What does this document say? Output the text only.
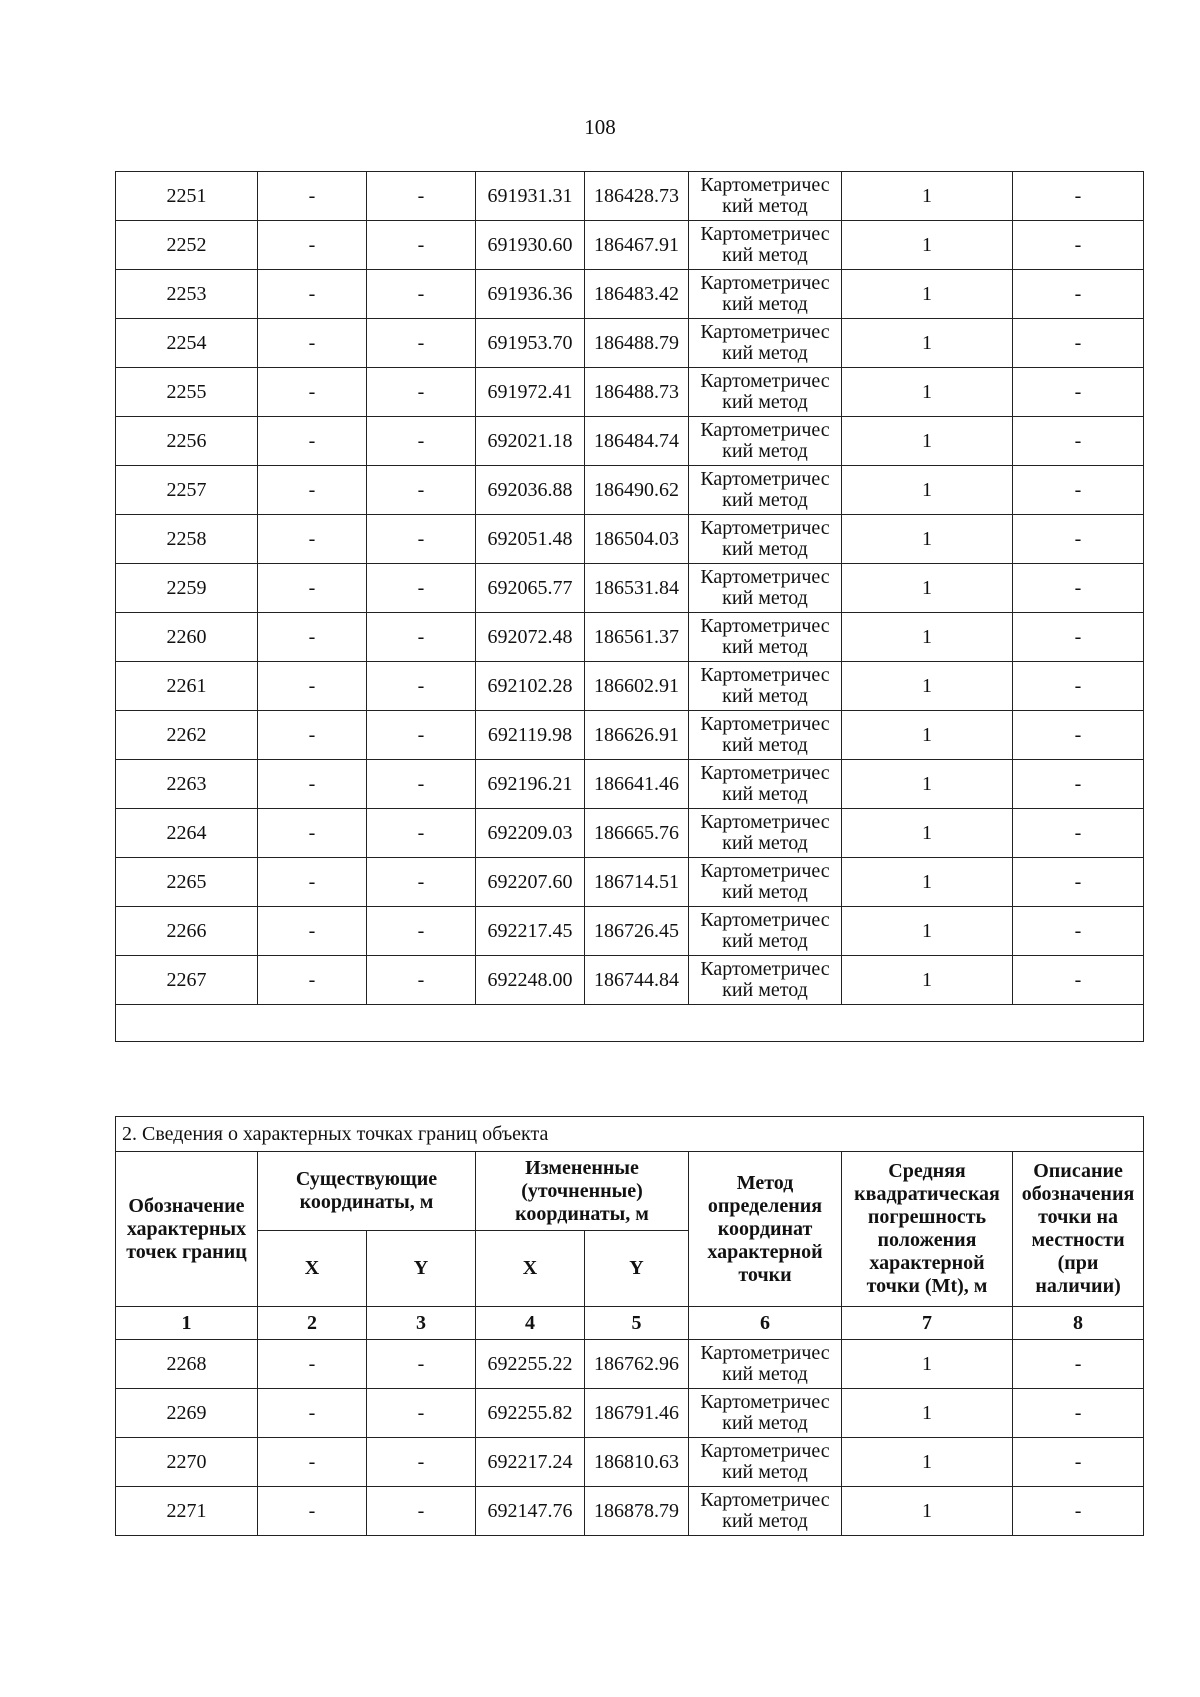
108
2251	-	-	691931.31	186428.73	Картометричес кий метод	1	-
2252	-	-	691930.60	186467.91	Картометричес кий метод	1	-
2253	-	-	691936.36	186483.42	Картометричес кий метод	1	-
2254	-	-	691953.70	186488.79	Картометричес кий метод	1	-
2255	-	-	691972.41	186488.73	Картометричес кий метод	1	-
2256	-	-	692021.18	186484.74	Картометричес кий метод	1	-
2257	-	-	692036.88	186490.62	Картометричес кий метод	1	-
2258	-	-	692051.48	186504.03	Картометричес кий метод	1	-
2259	-	-	692065.77	186531.84	Картометричес кий метод	1	-
2260	-	-	692072.48	186561.37	Картометричес кий метод	1	-
2261	-	-	692102.28	186602.91	Картометричес кий метод	1	-
2262	-	-	692119.98	186626.91	Картометричес кий метод	1	-
2263	-	-	692196.21	186641.46	Картометричес кий метод	1	-
2264	-	-	692209.03	186665.76	Картометричес кий метод	1	-
2265	-	-	692207.60	186714.51	Картометричес кий метод	1	-
2266	-	-	692217.45	186726.45	Картометричес кий метод	1	-
2267	-	-	692248.00	186744.84	Картометричес кий метод	1	-

2. Сведения о характерных точках границ объекта							
Обозначение характерных точек границ	Существующие координаты, м		Измененные (уточненные) координаты, м		Метод определения координат характерной точки	Средняя квадратическая погрешность положения характерной точки (Mt), м	Описание обозначения точки на местности (при наличии)
	X	Y	X	Y			
1	2	3	4	5	6	7	8
2268	-	-	692255.22	186762.96	Картометричес кий метод	1	-
2269	-	-	692255.82	186791.46	Картометричес кий метод	1	-
2270	-	-	692217.24	186810.63	Картометричес кий метод	1	-
2271	-	-	692147.76	186878.79	Картометричес кий метод	1	-
